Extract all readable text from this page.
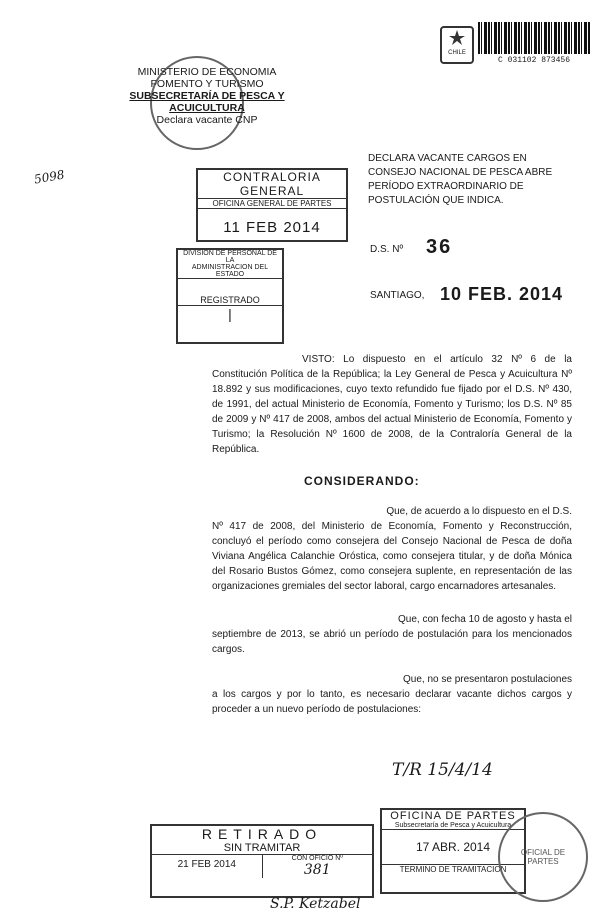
CHILE
C 031102 873456
MINISTERIO DE ECONOMIA
FOMENTO Y TURISMO
SUBSECRETARÍA DE PESCA Y ACUICULTURA
Declara vacante CNP
5098	CONTRALORIA GENERAL
OFICINA GENERAL DE PARTES
11 FEB 2014
DIVISION DE PERSONAL DE LA
ADMINISTRACION DEL ESTADO
REGISTRADO
|
DECLARA VACANTE CARGOS EN CONSEJO NACIONAL DE PESCA ABRE PERÍODO EXTRAORDINARIO DE POSTULACIÓN QUE INDICA.
D.S. Nº 36
SANTIAGO, 10 FEB. 2014
VISTO: Lo dispuesto en el artículo 32 Nº 6 de la Constitución Política de la República; la Ley General de Pesca y Acuicultura Nº 18.892 y sus modificaciones, cuyo texto refundido fue fijado por el D.S. Nº 430, de 1991, del actual Ministerio de Economía, Fomento y Turismo; los D.S. Nº 85 de 2009 y Nº 417 de 2008, ambos del actual Ministerio de Economía, Fomento y Turismo; la Resolución Nº 1600 de 2008, de la Contraloría General de la República.
CONSIDERANDO:
Que, de acuerdo a lo dispuesto en el D.S.
Nº 417 de 2008, del Ministerio de Economía, Fomento y Reconstrucción, concluyó el período como consejera del Consejo Nacional de Pesca de doña Viviana Angélica Calanchie Oróstica, como consejera titular, y de doña Mónica del Rosario Bustos Gómez, como consejera suplente, en representación de las organizaciones gremiales del sector laboral, cargo encarnadores artesanales.
Que, con fecha 10 de agosto y hasta el
septiembre de 2013, se abrió un período de postulación para los mencionados cargos.
Que, no se presentaron postulaciones
a los cargos y por lo tanto, es necesario declarar vacante dichos cargos y proceder a un nuevo período de postulaciones:
T/R 15/4/14
OFICINA DE PARTES
Subsecretaría de Pesca y Acuicultura
17 ABR. 2014
TERMINO DE TRAMITACION
OFICIAL DE PARTES
RETIRADO
SIN TRAMITAR
21 FEB 2014
CON OFICIO Nº
381
S.P. Ketzabel
